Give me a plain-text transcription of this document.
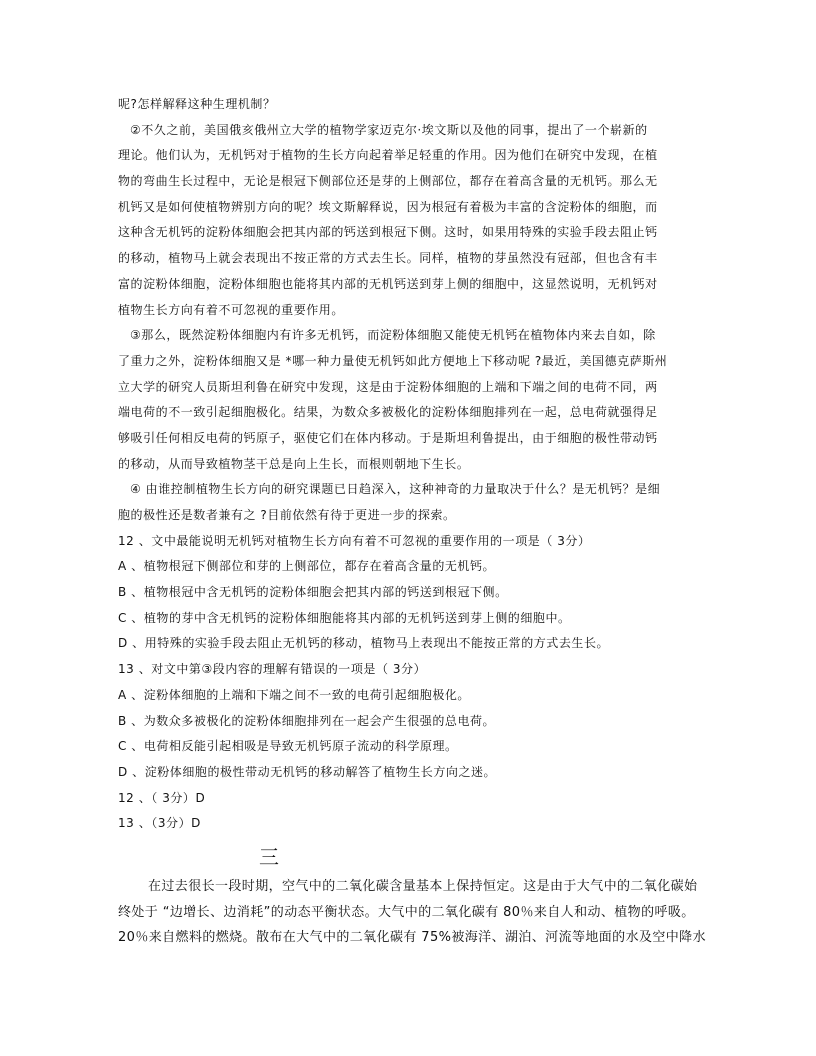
呢?怎样解释这种生理机制？
②不久之前，美国俄亥俄州立大学的植物学家迈克尔·埃文斯以及他的同事，提出了一个崭新的
理论。他们认为，无机钙对于植物的生长方向起着举足轻重的作用。因为他们在研究中发现，在植
物的弯曲生长过程中，无论是根冠下侧部位还是芽的上侧部位，都存在着高含量的无机钙。那么无
机钙又是如何使植物辨别方向的呢？埃文斯解释说，因为根冠有着极为丰富的含淀粉体的细胞，而
这种含无机钙的淀粉体细胞会把其内部的钙送到根冠下侧。这时，如果用特殊的实验手段去阻止钙
的移动，植物马上就会表现出不按正常的方式去生长。同样，植物的芽虽然没有冠部，但也含有丰
富的淀粉体细胞，淀粉体细胞也能将其内部的无机钙送到芽上侧的细胞中，这显然说明，无机钙对
植物生长方向有着不可忽视的重要作用。
③那么，既然淀粉体细胞内有许多无机钙，而淀粉体细胞又能使无机钙在植物体内来去自如，除
了重力之外，淀粉体细胞又是 *哪一种力量使无机钙如此方便地上下移动呢 ?最近，美国德克萨斯州
立大学的研究人员斯坦利鲁在研究中发现，这是由于淀粉体细胞的上端和下端之间的电荷不同，两
端电荷的不一致引起细胞极化。结果，为数众多被极化的淀粉体细胞排列在一起，总电荷就强得足
够吸引任何相反电荷的钙原子，驱使它们在体内移动。于是斯坦利鲁提出，由于细胞的极性带动钙
的移动，从而导致植物茎干总是向上生长，而根则朝地下生长。
④ 由谁控制植物生长方向的研究课题已日趋深入，这种神奇的力量取决于什么？是无机钙？是细
胞的极性还是数者兼有之 ?目前依然有待于更进一步的探索。
12 、文中最能说明无机钙对植物生长方向有着不可忽视的重要作用的一项是（ 3分）
A 、植物根冠下侧部位和芽的上侧部位，都存在着高含量的无机钙。
B 、植物根冠中含无机钙的淀粉体细胞会把其内部的钙送到根冠下侧。
C 、植物的芽中含无机钙的淀粉体细胞能将其内部的无机钙送到芽上侧的细胞中。
D 、用特殊的实验手段去阻止无机钙的移动，植物马上表现出不能按正常的方式去生长。
13 、对文中第③段内容的理解有错误的一项是（ 3分）
A 、淀粉体细胞的上端和下端之间不一致的电荷引起细胞极化。
B 、为数众多被极化的淀粉体细胞排列在一起会产生很强的总电荷。
C 、电荷相反能引起相吸是导致无机钙原子流动的科学原理。
D 、淀粉体细胞的极性带动无机钙的移动解答了植物生长方向之迷。
12 、（ 3分）D
13 、（3分）D
三
在过去很长一段时期，空气中的二氧化碳含量基本上保持恒定。这是由于大气中的二氧化碳始
终处于 “边增长、边消耗”的动态平衡状态。大气中的二氧化碳有 80％来自人和动、植物的呼吸。
20％来自燃料的燃烧。散布在大气中的二氧化碳有 75%被海洋、湖泊、河流等地面的水及空中降水
